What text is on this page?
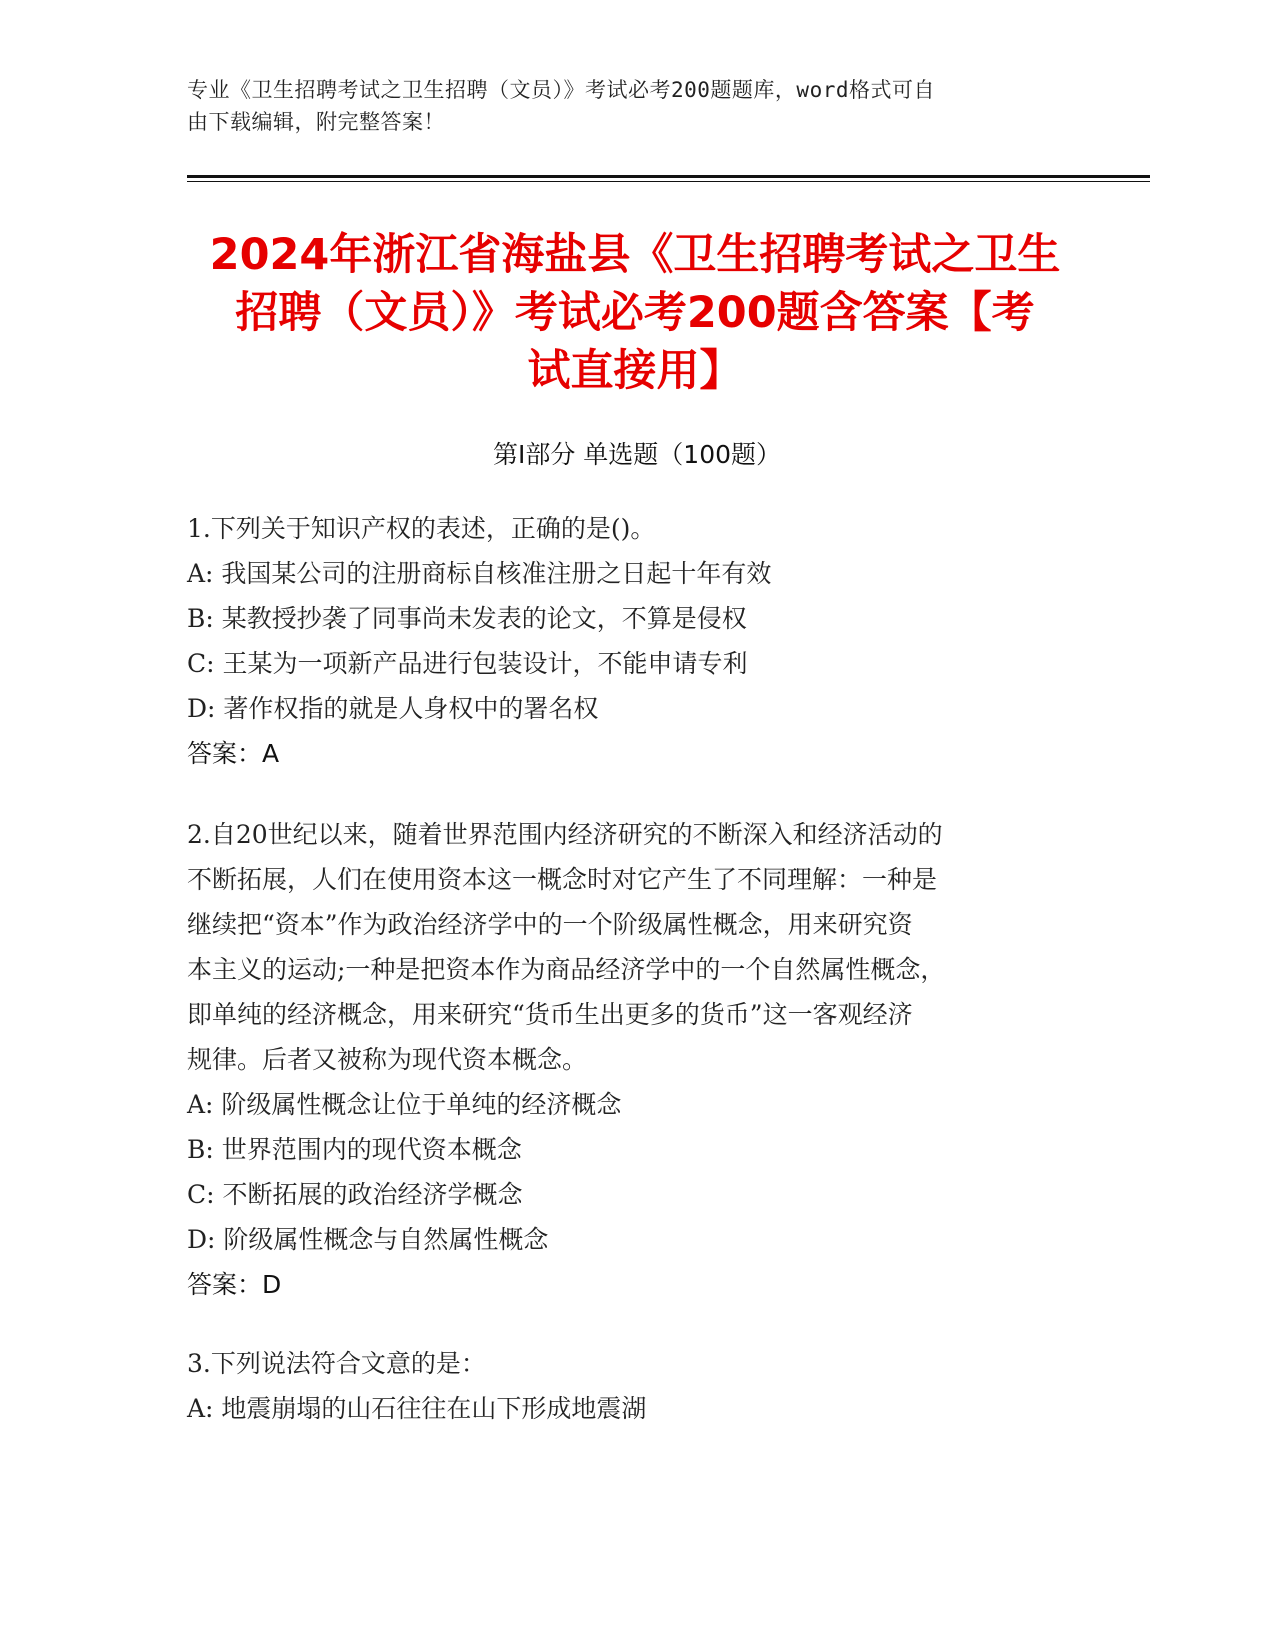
专业《卫生招聘考试之卫生招聘（文员）》考试必考200题题库，word格式可自
由下载编辑，附完整答案！
2024年浙江省海盐县《卫生招聘考试之卫生
招聘（文员）》考试必考200题含答案【考
试直接用】
第I部分 单选题（100题）

1.下列关于知识产权的表述，正确的是()。

A: 我国某公司的注册商标自核准注册之日起十年有效

B: 某教授抄袭了同事尚未发表的论文，不算是侵权

C: 王某为一项新产品进行包装设计，不能申请专利

D: 著作权指的就是人身权中的署名权

答案：A

2.自20世纪以来，随着世界范围内经济研究的不断深入和经济活动的

不断拓展，人们在使用资本这一概念时对它产生了不同理解：一种是

继续把“资本”作为政治经济学中的一个阶级属性概念，用来研究资

本主义的运动;一种是把资本作为商品经济学中的一个自然属性概念，

即单纯的经济概念，用来研究“货币生出更多的货币”这一客观经济

规律。后者又被称为现代资本概念。

A: 阶级属性概念让位于单纯的经济概念

B: 世界范围内的现代资本概念

C: 不断拓展的政治经济学概念

D: 阶级属性概念与自然属性概念

答案：D

3.下列说法符合文意的是：

A: 地震崩塌的山石往往在山下形成地震湖
